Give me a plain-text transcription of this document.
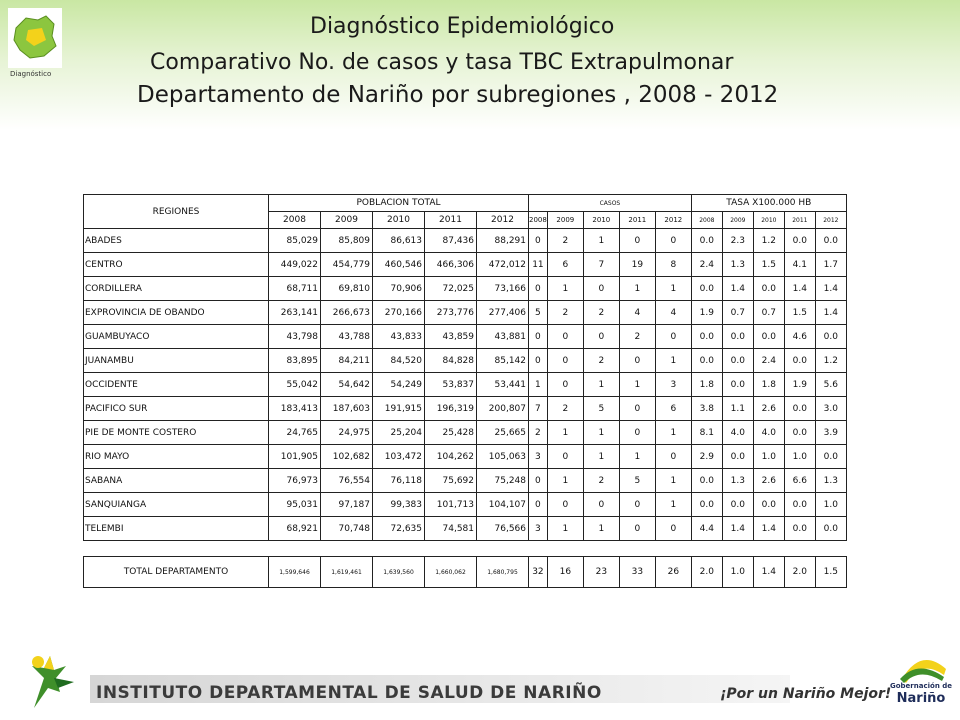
Diagnóstico
Diagnóstico Epidemiológico
Comparativo No. de casos y tasa TBC Extrapulmonar
Departamento de Nariño por subregiones , 2008 - 2012
REGIONES	POBLACION TOTAL					CASOS					TASA X100.000 HB				
	2008	2009	2010	2011	2012	2008	2009	2010	2011	2012	2008	2009	2010	2011	2012
ABADES	85,029	85,809	86,613	87,436	88,291	0	2	1	0	0	0.0	2.3	1.2	0.0	0.0
CENTRO	449,022	454,779	460,546	466,306	472,012	11	6	7	19	8	2.4	1.3	1.5	4.1	1.7
CORDILLERA	68,711	69,810	70,906	72,025	73,166	0	1	0	1	1	0.0	1.4	0.0	1.4	1.4
EXPROVINCIA DE OBANDO	263,141	266,673	270,166	273,776	277,406	5	2	2	4	4	1.9	0.7	0.7	1.5	1.4
GUAMBUYACO	43,798	43,788	43,833	43,859	43,881	0	0	0	2	0	0.0	0.0	0.0	4.6	0.0
JUANAMBU	83,895	84,211	84,520	84,828	85,142	0	0	2	0	1	0.0	0.0	2.4	0.0	1.2
OCCIDENTE	55,042	54,642	54,249	53,837	53,441	1	0	1	1	3	1.8	0.0	1.8	1.9	5.6
PACIFICO SUR	183,413	187,603	191,915	196,319	200,807	7	2	5	0	6	3.8	1.1	2.6	0.0	3.0
PIE DE MONTE COSTERO	24,765	24,975	25,204	25,428	25,665	2	1	1	0	1	8.1	4.0	4.0	0.0	3.9
RIO MAYO	101,905	102,682	103,472	104,262	105,063	3	0	1	1	0	2.9	0.0	1.0	1.0	0.0
SABANA	76,973	76,554	76,118	75,692	75,248	0	1	2	5	1	0.0	1.3	2.6	6.6	1.3
SANQUIANGA	95,031	97,187	99,383	101,713	104,107	0	0	0	0	1	0.0	0.0	0.0	0.0	1.0
TELEMBI	68,921	70,748	72,635	74,581	76,566	3	1	1	0	0	4.4	1.4	1.4	0.0	0.0

TOTAL DEPARTAMENTO	1,599,646	1,619,461	1,639,560	1,660,062	1,680,795	32	16	23	33	26	2.0	1.0	1.4	2.0	1.5
INSTITUTO DEPARTAMENTAL DE SALUD DE NARIÑO	¡Por un Nariño Mejor!
Gobernación de
Nariño
